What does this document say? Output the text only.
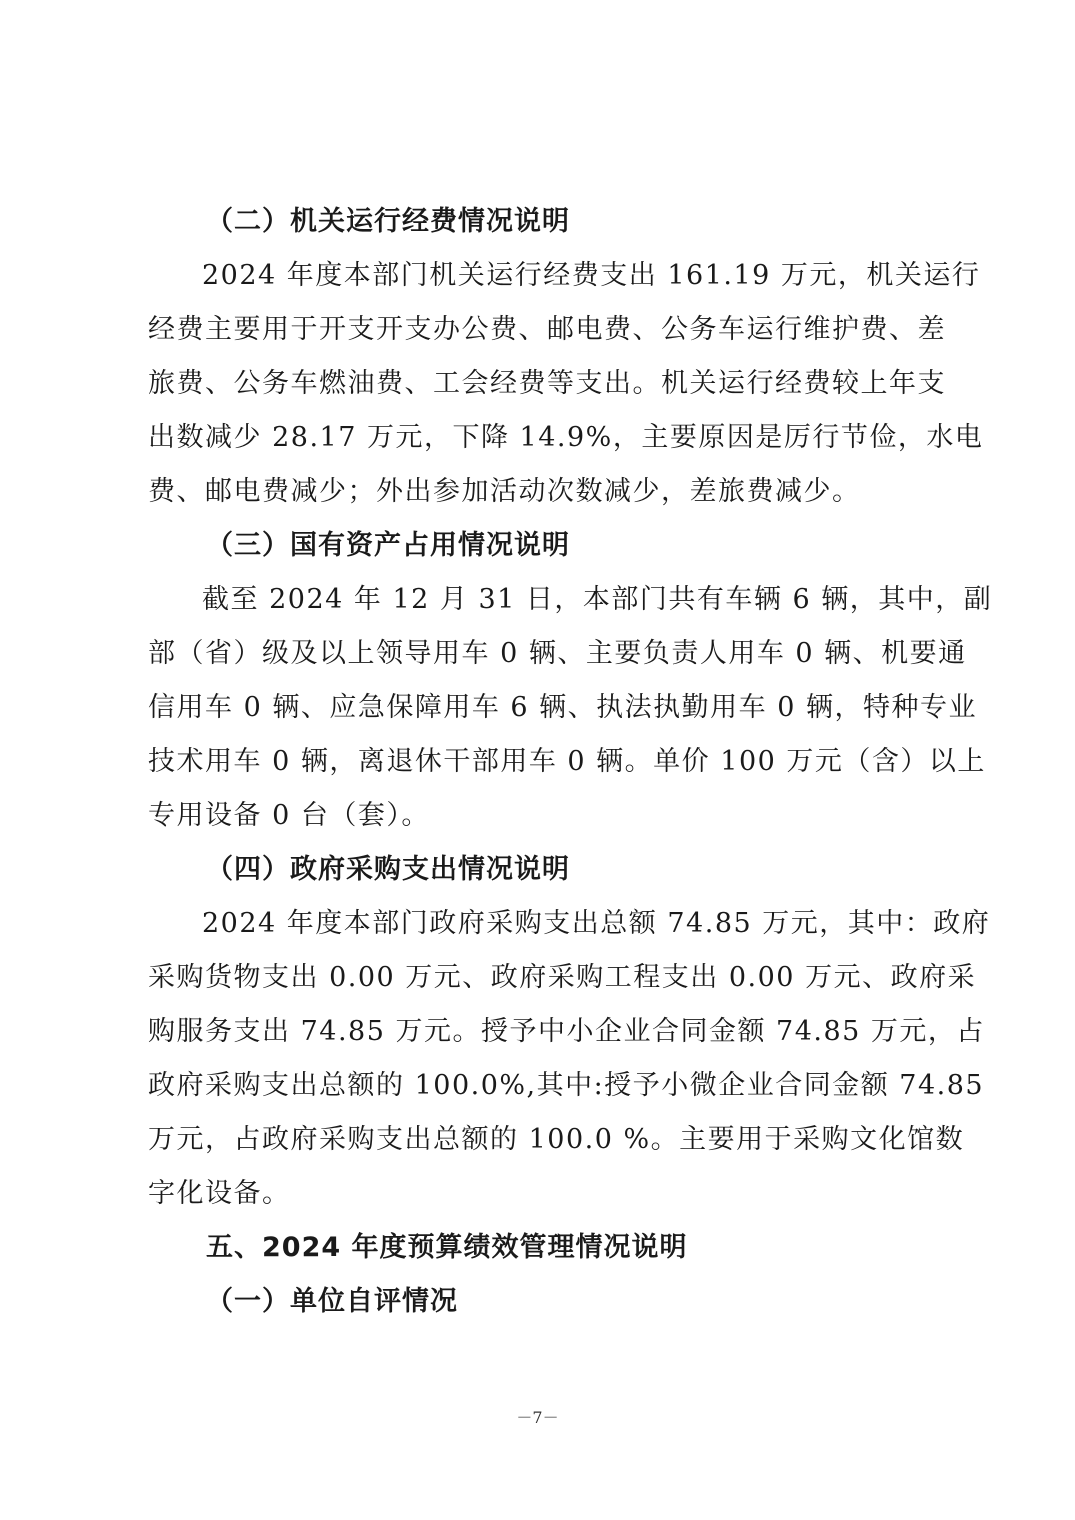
（二）机关运行经费情况说明
2024 年度本部门机关运行经费支出 161.19 万元，机关运行
经费主要用于开支开支办公费、邮电费、公务车运行维护费、差
旅费、公务车燃油费、工会经费等支出。机关运行经费较上年支
出数减少 28.17 万元，下降 14.9%，主要原因是厉行节俭，水电
费、邮电费减少；外出参加活动次数减少，差旅费减少。
（三）国有资产占用情况说明
截至 2024 年 12 月 31 日，本部门共有车辆 6 辆，其中，副
部（省）级及以上领导用车 0 辆、主要负责人用车 0 辆、机要通
信用车 0 辆、应急保障用车 6 辆、执法执勤用车 0 辆，特种专业
技术用车 0 辆，离退休干部用车 0 辆。单价 100 万元（含）以上
专用设备 0 台（套）。
（四）政府采购支出情况说明
2024 年度本部门政府采购支出总额 74.85 万元，其中：政府
采购货物支出 0.00 万元、政府采购工程支出 0.00 万元、政府采
购服务支出 74.85 万元。授予中小企业合同金额 74.85 万元，占
政府采购支出总额的 100.0%,其中:授予小微企业合同金额 74.85
万元，占政府采购支出总额的 100.0 %。主要用于采购文化馆数
字化设备。
五、2024 年度预算绩效管理情况说明
（一）单位自评情况
－7－
